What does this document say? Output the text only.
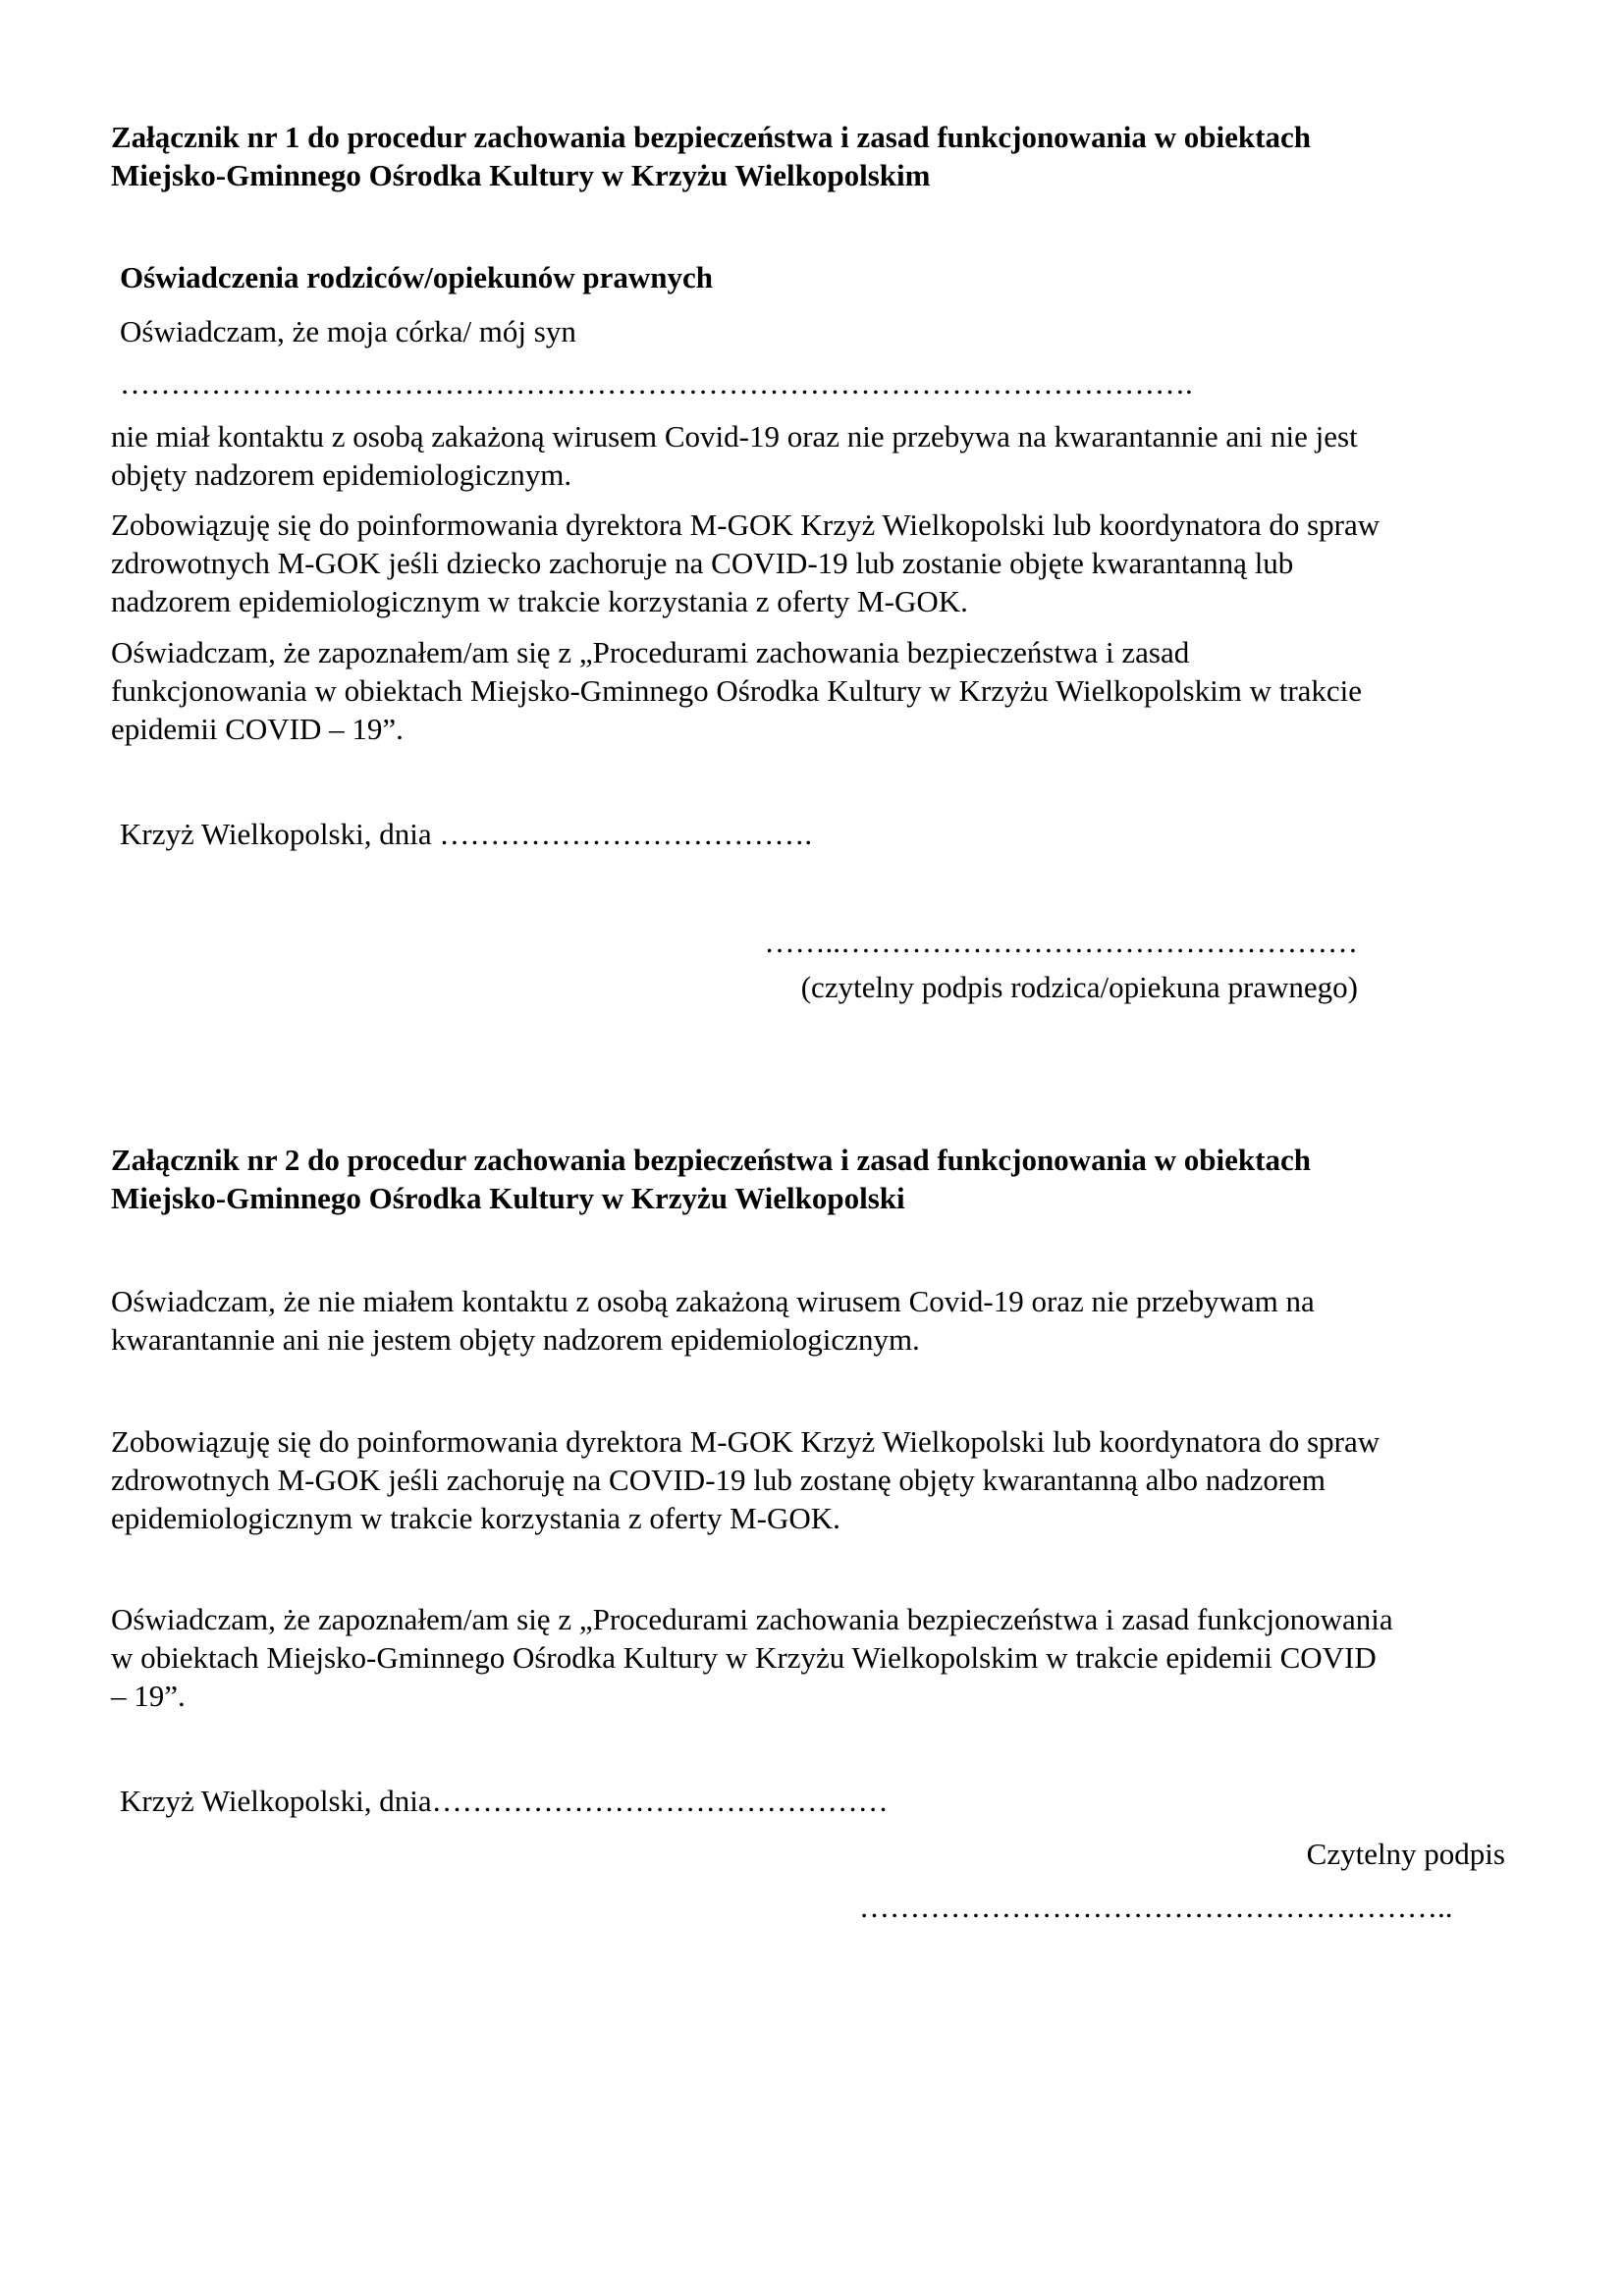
Załącznik nr 1 do procedur zachowania bezpieczeństwa i zasad funkcjonowania w obiektach
Miejsko-Gminnego Ośrodka Kultury w Krzyżu Wielkopolskim

Oświadczenia rodziców/opiekunów prawnych

Oświadczam, że moja córka/ mój syn

…………………………………………………………………………………………….

nie miał kontaktu z osobą zakażoną wirusem Covid-19 oraz nie przebywa na kwarantannie ani nie jest
objęty nadzorem epidemiologicznym.

Zobowiązuję się do poinformowania dyrektora M-GOK Krzyż Wielkopolski lub koordynatora do spraw
zdrowotnych M-GOK jeśli dziecko zachoruje na COVID-19 lub zostanie objęte kwarantanną lub
nadzorem epidemiologicznym w trakcie korzystania z oferty M-GOK.

Oświadczam, że zapoznałem/am się z „Procedurami zachowania bezpieczeństwa i zasad
funkcjonowania w obiektach Miejsko-Gminnego Ośrodka Kultury w Krzyżu Wielkopolskim w trakcie
epidemii COVID – 19”.

Krzyż Wielkopolski, dnia ……………………………….

……..……………………………………………

(czytelny podpis rodzica/opiekuna prawnego)

Załącznik nr 2 do procedur zachowania bezpieczeństwa i zasad funkcjonowania w obiektach
Miejsko-Gminnego Ośrodka Kultury w Krzyżu Wielkopolski

Oświadczam, że nie miałem kontaktu z osobą zakażoną wirusem Covid-19 oraz nie przebywam na
kwarantannie ani nie jestem objęty nadzorem epidemiologicznym.

Zobowiązuję się do poinformowania dyrektora M-GOK Krzyż Wielkopolski lub koordynatora do spraw
zdrowotnych M-GOK jeśli zachoruję na COVID-19 lub zostanę objęty kwarantanną albo nadzorem
epidemiologicznym w trakcie korzystania z oferty M-GOK.

Oświadczam, że zapoznałem/am się z „Procedurami zachowania bezpieczeństwa i zasad funkcjonowania
w obiektach Miejsko-Gminnego Ośrodka Kultury w Krzyżu Wielkopolskim w trakcie epidemii COVID
– 19”.

Krzyż Wielkopolski, dnia………………………………………

Czytelny podpis

…………………………………………………..
